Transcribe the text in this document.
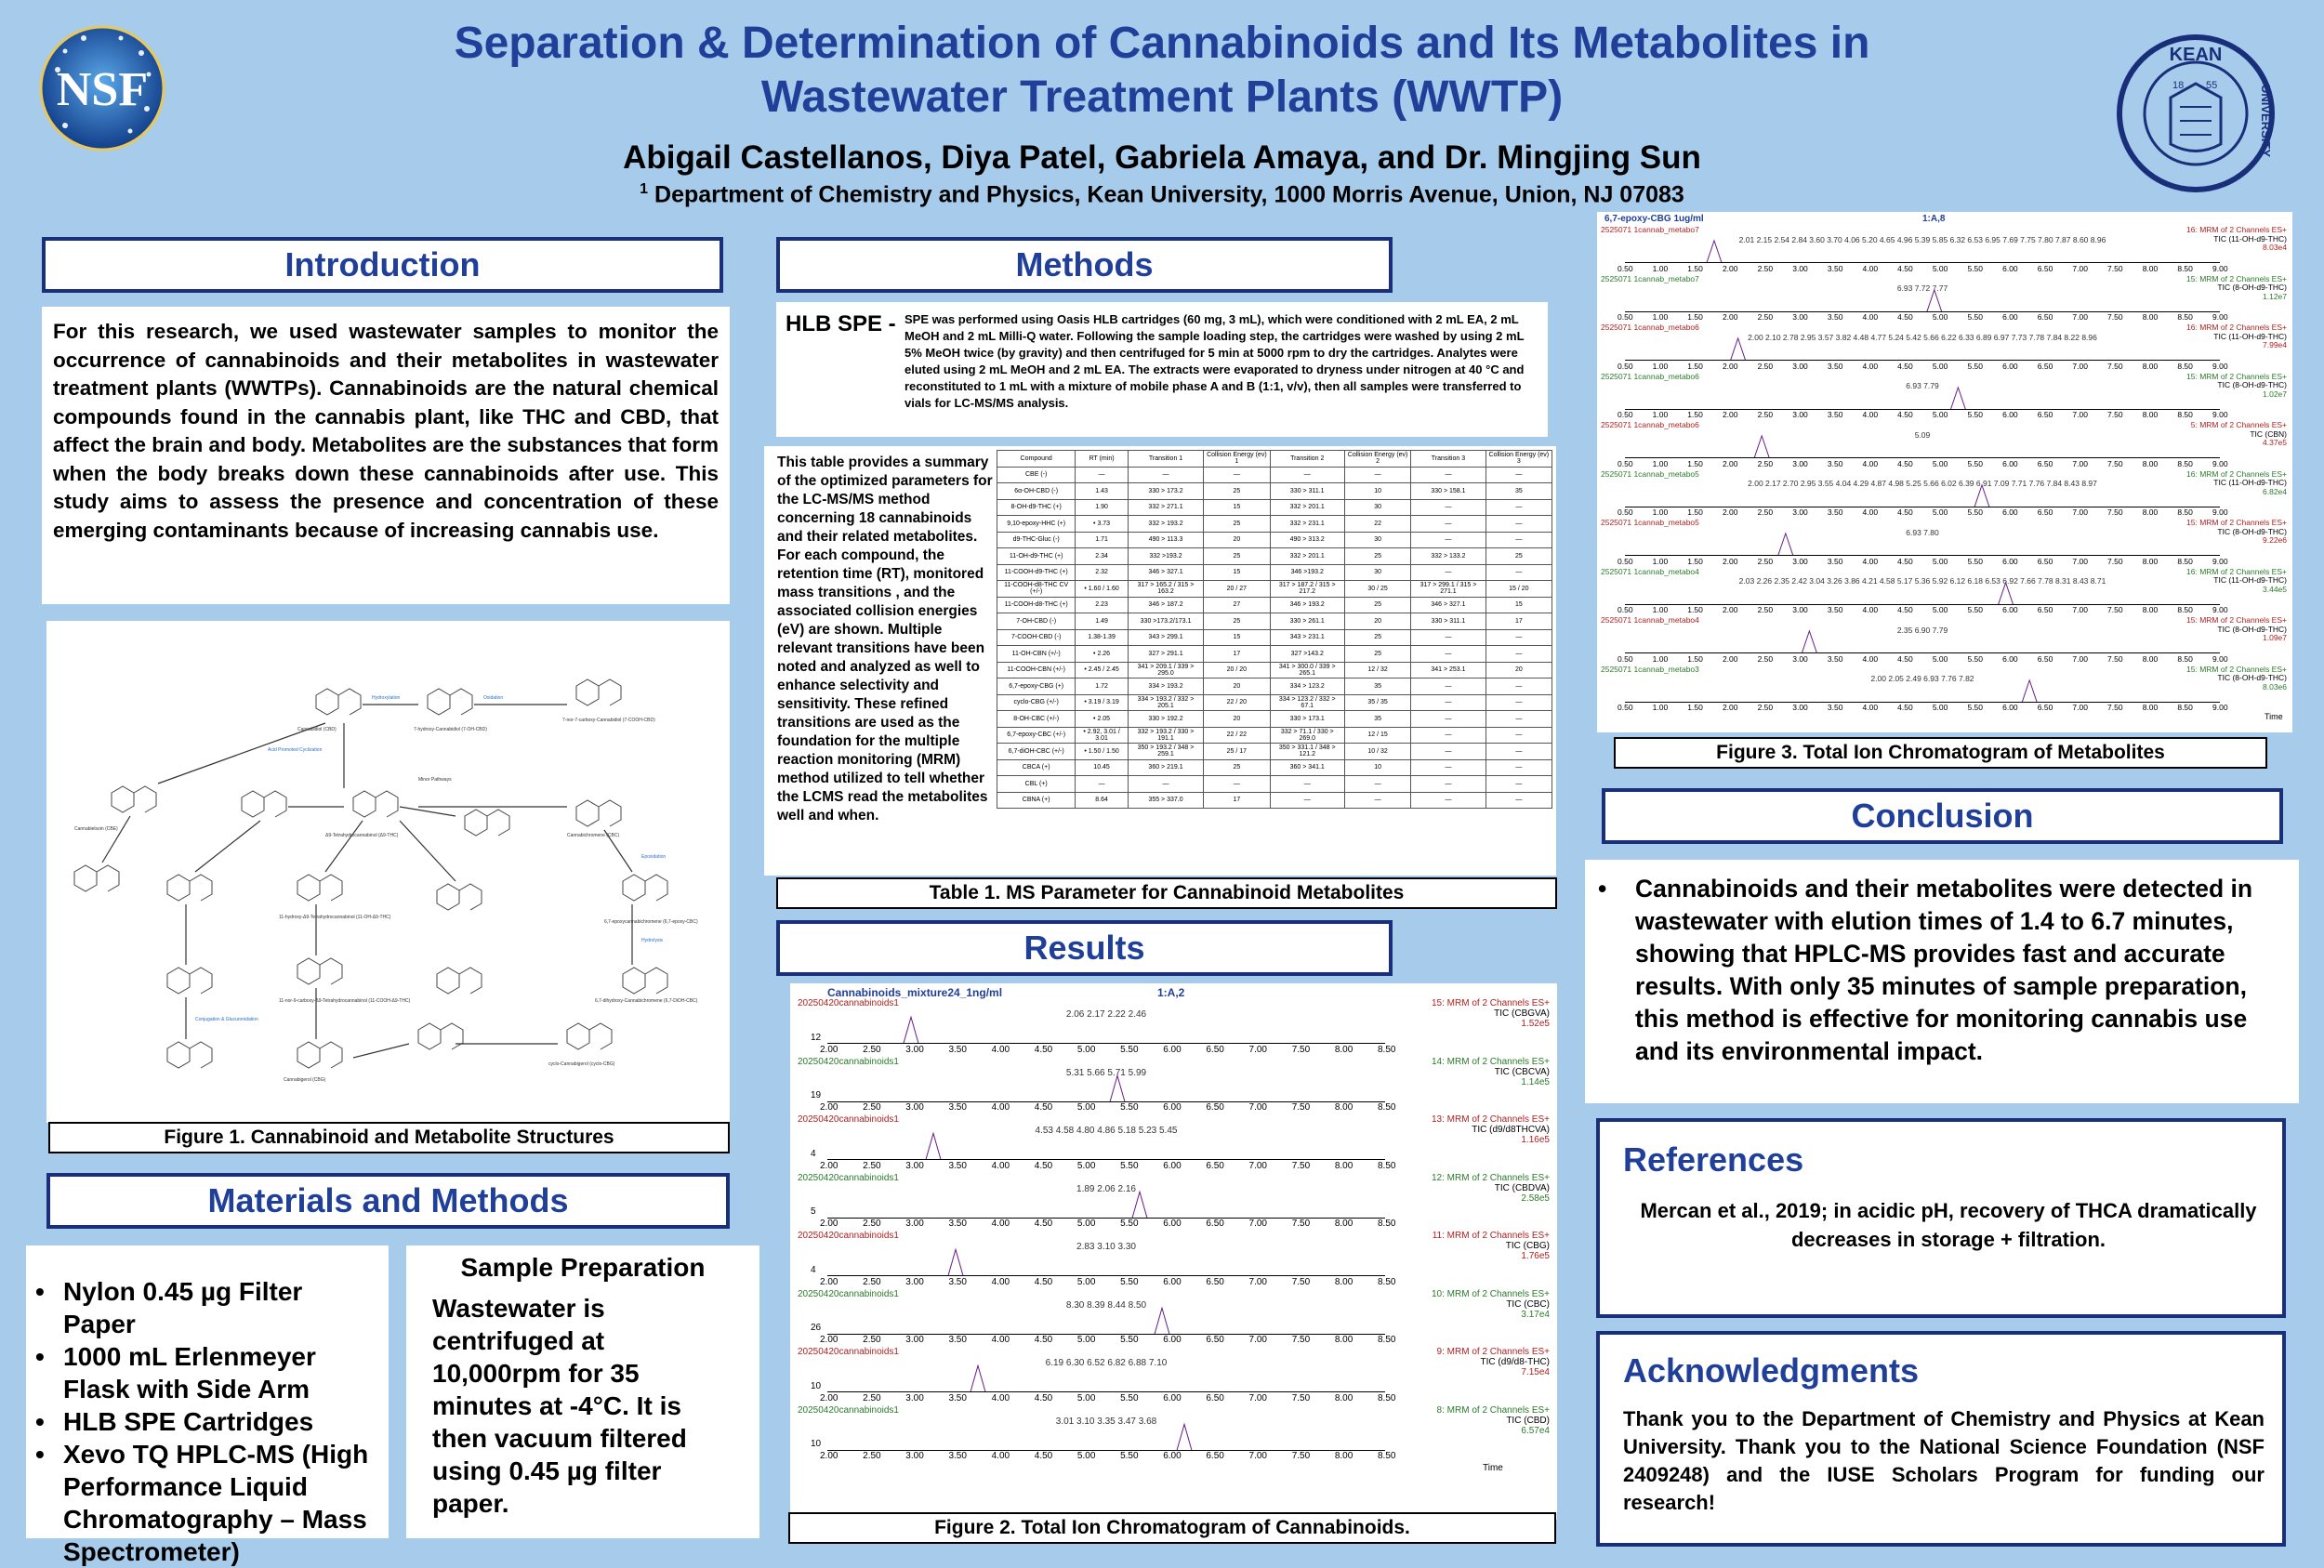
NSF
KEAN
UNIVERSITY
18 55
Separation & Determination of Cannabinoids and Its Metabolites in
Wastewater Treatment Plants (WWTP)
Abigail Castellanos, Diya Patel, Gabriela Amaya, and Dr. Mingjing Sun
$^1$ Department of Chemistry and Physics, Kean University, 1000 Morris Avenue, Union, NJ 07083
Introduction
For this research, we used wastewater samples to monitor the occurrence of cannabinoids and their metabolites in wastewater treatment plants (WWTPs). Cannabinoids are the natural chemical compounds found in the cannabis plant, like THC and CBD, that affect the brain and body. Metabolites are the substances that form when the body breaks down these cannabinoids after use. This study aims to assess the presence and concentration of these emerging contaminants because of increasing cannabis use.
Cannabidiol (CBD)
Hydroxylation	Oxidation
7-hydroxy-Cannabidiol (7-OH-CBD)
7-nor-7-carboxy-Cannabidiol (7-COOH-CBD)
Acid Promoted Cyclization
Δ9-Tetrahydrocannabinol (Δ9-THC)
Minor Pathways
Cannabichromene (CBC)
Cannabielsoin (CBE)
Cannabigerol (CBG)
11-hydroxy-Δ9-Tetrahydrocannabinol (11-OH-Δ9-THC)
Conjugation & Glucuronidation
cyclo-Cannabigerol (cyclo-CBG)
6,7-epoxycannabichromene (6,7-epoxy-CBC)
6,7-dihydroxy-Cannabichromene (6,7-DiOH-CBC)
11-nor-9-carboxy-Δ9-Tetrahydrocannabinol (11-COOH-Δ9-THC)
Epoxidation
Hydrolysis
Figure 1. Cannabinoid and Metabolite Structures
Materials and Methods
• Nylon 0.45 µg Filter Paper
• 1000 mL Erlenmeyer Flask with Side Arm
• HLB SPE Cartridges
• Xevo TQ HPLC-MS (High Performance Liquid Chromatography – Mass Spectrometer)
Sample Preparation
Wastewater is centrifuged at 10,000rpm for 35 minutes at -4°C. It is then vacuum filtered using 0.45 µg filter paper.
Methods
HLB SPE - SPE was performed using Oasis HLB cartridges (60 mg, 3 mL), which were conditioned with 2 mL EA, 2 mL MeOH and 2 mL Milli-Q water. Following the sample loading step, the cartridges were washed by using 2 mL 5% MeOH twice (by gravity) and then centrifuged for 5 min at 5000 rpm to dry the cartridges. Analytes were eluted using 2 mL MeOH and 2 mL EA. The extracts were evaporated to dryness under nitrogen at 40 °C and reconstituted to 1 mL with a mixture of mobile phase A and B (1:1, v/v), then all samples were transferred to vials for LC-MS/MS analysis.
This table provides a summary of the optimized parameters for the LC-MS/MS method concerning 18 cannabinoids and their related metabolites. For each compound, the retention time (RT), monitored mass transitions , and the associated collision energies (eV) are shown. Multiple relevant transitions have been noted and analyzed as well to enhance selectivity and sensitivity. These refined transitions are used as the foundation for the multiple reaction monitoring (MRM) method utilized to tell whether the LCMS read the metabolites well and when.
Compound	RT (min)	Transition 1	Collision Energy (ev) 1	Transition 2	Collision Energy (ev) 2	Transition 3	Collision Energy (ev) 3
CBE (-)	—	—	—	—	—	—	—
6α-OH-CBD (-)	1.43	330 > 173.2	25	330 > 311.1	10	330 > 158.1	35
8-OH-d9-THC (+)	1.90	332 > 271.1	15	332 > 201.1	30	—	—
9,10-epoxy-HHC (+)	• 3.73	332 > 193.2	25	332 > 231.1	22	—	—
d9-THC-Gluc (-)	1.71	490 > 113.3	20	490 > 313.2	30	—	—
11-OH-d9-THC (+)	2.34	332 >193.2	25	332 > 201.1	25	332 > 133.2	25
11-COOH-d9-THC (+)	2.32	346 > 327.1	15	346 >193.2	30	—	—
11-COOH-d8-THC CV (+/-)	• 1.60 / 1.60	317 > 165.2 / 315 > 163.2	20 / 27	317 > 187.2 / 315 > 217.2	30 / 25	317 > 299.1 / 315 > 271.1	15 / 20
11-COOH-d8-THC (+)	2.23	346 > 187.2	27	346 > 193.2	25	346 > 327.1	15
7-OH-CBD (-)	1.49	330 >173.2/173.1	25	330 > 261.1	20	330 > 311.1	17
7-COOH-CBD (-)	1.38-1.39	343 > 299.1	15	343 > 231.1	25	—	—
11-OH-CBN (+/-)	• 2.26	327 > 291.1	17	327 >143.2	25	—	—
11-COOH-CBN (+/-)	• 2.45 / 2.45	341 > 209.1 / 339 > 295.0	20 / 20	341 > 300.0 / 339 > 265.1	12 / 32	341 > 253.1	20
6,7-epoxy-CBG (+)	1.72	334 > 193.2	20	334 > 123.2	35	—	—
cyclo-CBG (+/-)	• 3.19 / 3.19	334 > 193.2 / 332 > 205.1	22 / 20	334 > 123.2 / 332 > 67.1	35 / 35	—	—
8-OH-CBC (+/-)	• 2.05	330 > 192.2	20	330 > 173.1	35	—	—
6,7-epoxy-CBC (+/-)	• 2.92, 3.01 / 3.01	332 > 193.2 / 330 > 191.1	22 / 22	332 > 71.1 / 330 > 269.0	12 / 15	—	—
6,7-diOH-CBC (+/-)	• 1.50 / 1.50	350 > 193.2 / 348 > 259.1	25 / 17	350 > 331.1 / 348 > 121.2	10 / 32	—	—
CBCA (+)	10.45	360 > 219.1	25	360 > 341.1	10	—	—
CBL (+)	—	—	—	—	—	—	—
CBNA (+)	8.64	355 > 337.0	17	—	—	—	—
Table 1. MS Parameter for Cannabinoid Metabolites
Results
Cannabinoids_mixture24_1ng/ml	1:A,2
20250420cannabinoids1	15: MRM of 2 Channels ES+
TIC (CBGVA)
1.52e5
12
2.06 2.17 2.22 2.46
2.00	2.50	3.00	3.50	4.00	4.50	5.00	5.50	6.00	6.50	7.00	7.50	8.00	8.50
20250420cannabinoids1	14: MRM of 2 Channels ES+
TIC (CBCVA)
1.14e5
19
5.31 5.66 5.71 5.99
2.00	2.50	3.00	3.50	4.00	4.50	5.00	5.50	6.00	6.50	7.00	7.50	8.00	8.50
20250420cannabinoids1	13: MRM of 2 Channels ES+
TIC (d9/d8THCVA)
1.16e5
4
4.53 4.58 4.80 4.86 5.18 5.23 5.45
2.00	2.50	3.00	3.50	4.00	4.50	5.00	5.50	6.00	6.50	7.00	7.50	8.00	8.50
20250420cannabinoids1	12: MRM of 2 Channels ES+
TIC (CBDVA)
2.58e5
5
1.89 2.06 2.16
2.00	2.50	3.00	3.50	4.00	4.50	5.00	5.50	6.00	6.50	7.00	7.50	8.00	8.50
20250420cannabinoids1	11: MRM of 2 Channels ES+
TIC (CBG)
1.76e5
4
2.83 3.10 3.30
2.00	2.50	3.00	3.50	4.00	4.50	5.00	5.50	6.00	6.50	7.00	7.50	8.00	8.50
20250420cannabinoids1	10: MRM of 2 Channels ES+
TIC (CBC)
3.17e4
26
8.30 8.39 8.44 8.50
2.00	2.50	3.00	3.50	4.00	4.50	5.00	5.50	6.00	6.50	7.00	7.50	8.00	8.50
20250420cannabinoids1	9: MRM of 2 Channels ES+
TIC (d9/d8-THC)
7.15e4
10
6.19 6.30 6.52 6.82 6.88 7.10
2.00	2.50	3.00	3.50	4.00	4.50	5.00	5.50	6.00	6.50	7.00	7.50	8.00	8.50
20250420cannabinoids1	8: MRM of 2 Channels ES+
TIC (CBD)
6.57e4
10
3.01 3.10 3.35 3.47 3.68
2.00	2.50	3.00	3.50	4.00	4.50	5.00	5.50	6.00	6.50	7.00	7.50	8.00	8.50
Time
Figure 2. Total Ion Chromatogram of Cannabinoids.
6,7-epoxy-CBG 1ug/ml	1:A,8
2525071 1cannab_metabo7	16: MRM of 2 Channels ES+
TIC (11-OH-d9-THC)
8.03e4
2.01 2.15 2.54 2.84 3.60 3.70 4.06 5.20 4.65 4.96 5.39 5.85 6.32 6.53 6.95 7.69 7.75 7.80 7.87 8.60 8.96
0.50 1.00 1.50 2.00 2.50 3.00 3.50 4.00 4.50 5.00 5.50 6.00 6.50 7.00 7.50 8.00 8.50 9.00
2525071 1cannab_metabo7	15: MRM of 2 Channels ES+
TIC (8-OH-d9-THC)
1.12e7
6.93 7.72 7.77
0.50 1.00 1.50 2.00 2.50 3.00 3.50 4.00 4.50 5.00 5.50 6.00 6.50 7.00 7.50 8.00 8.50 9.00
2525071 1cannab_metabo6	16: MRM of 2 Channels ES+
TIC (11-OH-d9-THC)
7.99e4
2.00 2.10 2.78 2.95 3.57 3.82 4.48 4.77 5.24 5.42 5.66 6.22 6.33 6.89 6.97 7.73 7.78 7.84 8.22 8.96
0.50 1.00 1.50 2.00 2.50 3.00 3.50 4.00 4.50 5.00 5.50 6.00 6.50 7.00 7.50 8.00 8.50 9.00
2525071 1cannab_metabo6	15: MRM of 2 Channels ES+
TIC (8-OH-d9-THC)
1.02e7
6.93 7.79
0.50 1.00 1.50 2.00 2.50 3.00 3.50 4.00 4.50 5.00 5.50 6.00 6.50 7.00 7.50 8.00 8.50 9.00
2525071 1cannab_metabo6	5: MRM of 2 Channels ES+
TIC (CBN)
4.37e5
5.09
0.50 1.00 1.50 2.00 2.50 3.00 3.50 4.00 4.50 5.00 5.50 6.00 6.50 7.00 7.50 8.00 8.50 9.00
2525071 1cannab_metabo5	16: MRM of 2 Channels ES+
TIC (11-OH-d9-THC)
6.82e4
2.00 2.17 2.70 2.95 3.55 4.04 4.29 4.87 4.98 5.25 5.66 6.02 6.39 6.91 7.09 7.71 7.76 7.84 8.43 8.97
0.50 1.00 1.50 2.00 2.50 3.00 3.50 4.00 4.50 5.00 5.50 6.00 6.50 7.00 7.50 8.00 8.50 9.00
2525071 1cannab_metabo5	15: MRM of 2 Channels ES+
TIC (8-OH-d9-THC)
9.22e6
6.93 7.80
0.50 1.00 1.50 2.00 2.50 3.00 3.50 4.00 4.50 5.00 5.50 6.00 6.50 7.00 7.50 8.00 8.50 9.00
2525071 1cannab_metabo4	16: MRM of 2 Channels ES+
TIC (11-OH-d9-THC)
3.44e5
2.03 2.26 2.35 2.42 3.04 3.26 3.86 4.21 4.58 5.17 5.36 5.92 6.12 6.18 6.53 6.92 7.66 7.78 8.31 8.43 8.71
0.50 1.00 1.50 2.00 2.50 3.00 3.50 4.00 4.50 5.00 5.50 6.00 6.50 7.00 7.50 8.00 8.50 9.00
2525071 1cannab_metabo4	15: MRM of 2 Channels ES+
TIC (8-OH-d9-THC)
1.09e7
2.35 6.90 7.79
0.50 1.00 1.50 2.00 2.50 3.00 3.50 4.00 4.50 5.00 5.50 6.00 6.50 7.00 7.50 8.00 8.50 9.00
2525071 1cannab_metabo3	15: MRM of 2 Channels ES+
TIC (8-OH-d9-THC)
8.03e6
2.00 2.05 2.49 6.93 7.76 7.82
0.50 1.00 1.50 2.00 2.50 3.00 3.50 4.00 4.50 5.00 5.50 6.00 6.50 7.00 7.50 8.00 8.50 9.00
Time
Figure 3. Total Ion Chromatogram of Metabolites
Conclusion
• Cannabinoids and their metabolites were detected in wastewater with elution times of 1.4 to 6.7 minutes, showing that HPLC-MS provides fast and accurate results. With only 35 minutes of sample preparation, this method is effective for monitoring cannabis use and its environmental impact.
References
Mercan et al., 2019; in acidic pH, recovery of THCA dramatically decreases in storage + filtration.
Acknowledgments
Thank you to the Department of Chemistry and Physics at Kean University. Thank you to the National Science Foundation (NSF 2409248) and the IUSE Scholars Program for funding our research!
